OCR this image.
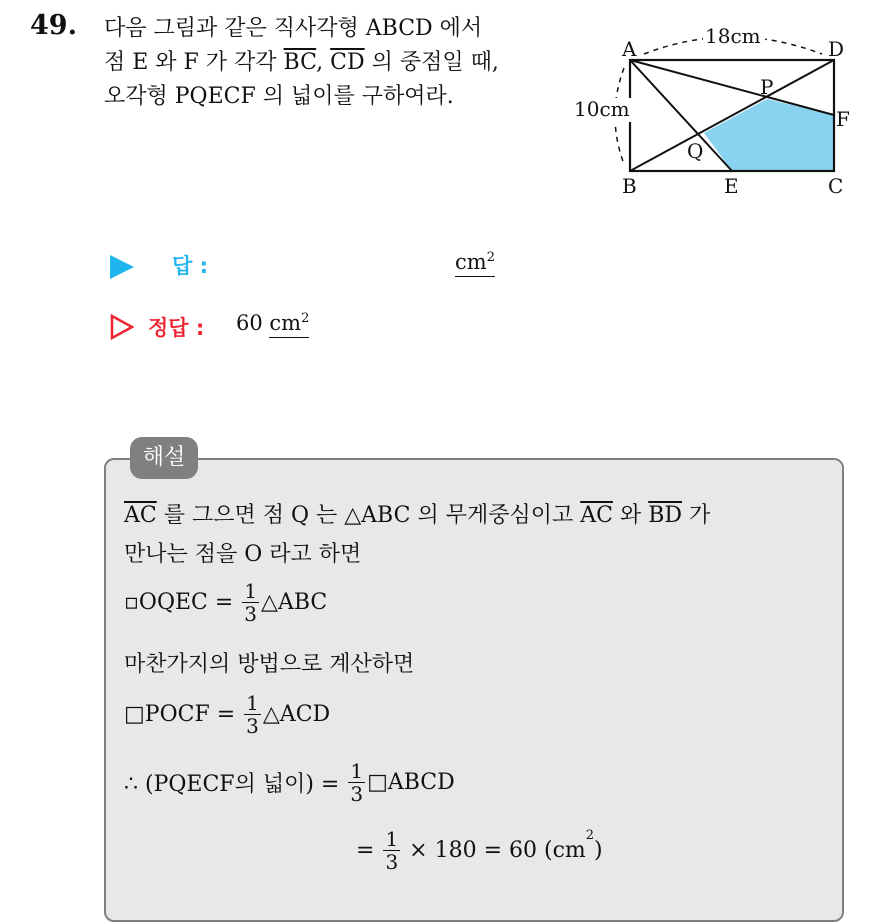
49. 다음 그림과 같은 직사각형 ABCD 에서
점 E 와 F 가 각각 $\overline{BC}$, $\overline{CD}$ 의 중점일 때,
오각형 PQECF 의 넓이를 구하여라.
18cm
10cm
A	D
B	E	C
F
P
Q
답 :	$cm^2$
정답 : 60 $cm^2$
해설
$\overline{AC}$ 를 그으면 점 Q 는 △ABC 의 무게중심이고 $\overline{AC}$ 와 $\overline{BD}$ 가
만나는 점을 O 라고 하면
▫OQEC = $\frac{1}{3}$ △ABC
마찬가지의 방법으로 계산하면
□POCF = $\frac{1}{3}$ △ACD
∴ (PQECF의 넓이) = $\frac{1}{3}$ □ABCD
= $\frac{1}{3} \times 180 = 60$ $(cm^2)$
